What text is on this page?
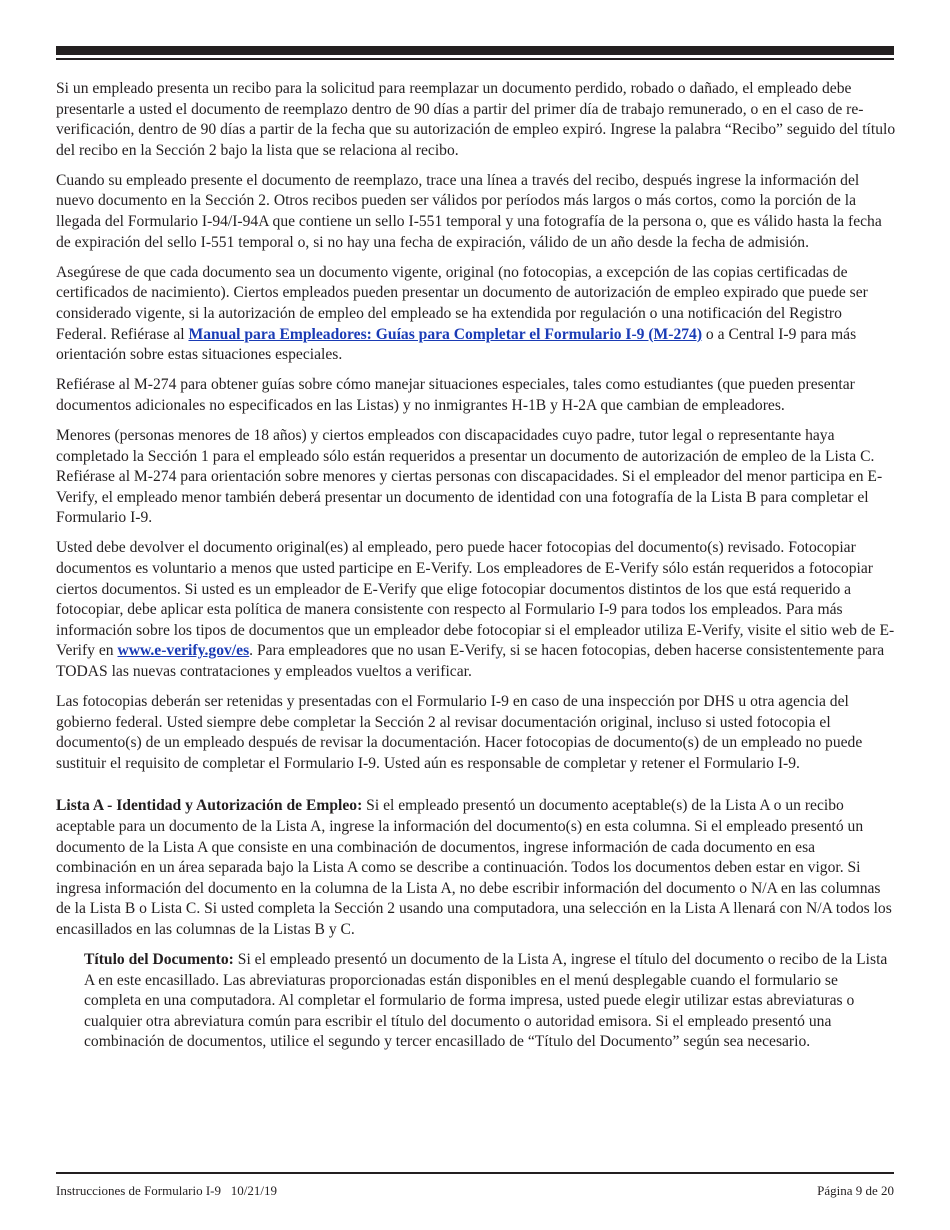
Si un empleado presenta un recibo para la solicitud para reemplazar un documento perdido, robado o dañado, el empleado debe presentarle a usted el documento de reemplazo dentro de 90 días a partir del primer día de trabajo remunerado, o en el caso de re-verificación, dentro de 90 días a partir de la fecha que su autorización de empleo expiró. Ingrese la palabra “Recibo” seguido del título del recibo en la Sección 2 bajo la lista que se relaciona al recibo.

Cuando su empleado presente el documento de reemplazo, trace una línea a través del recibo, después ingrese la información del nuevo documento en la Sección 2. Otros recibos pueden ser válidos por períodos más largos o más cortos, como la porción de la llegada del Formulario I-94/I-94A que contiene un sello I-551 temporal y una fotografía de la persona o, que es válido hasta la fecha de expiración del sello I-551 temporal o, si no hay una fecha de expiración, válido de un año desde la fecha de admisión.

Asegúrese de que cada documento sea un documento vigente, original (no fotocopias, a excepción de las copias certificadas de certificados de nacimiento). Ciertos empleados pueden presentar un documento de autorización de empleo expirado que puede ser considerado vigente, si la autorización de empleo del empleado se ha extendida por regulación o una notificación del Registro Federal. Refiérase al Manual para Empleadores: Guías para Completar el Formulario I-9 (M-274) o a Central I-9 para más orientación sobre estas situaciones especiales.

Refiérase al M-274 para obtener guías sobre cómo manejar situaciones especiales, tales como estudiantes (que pueden presentar documentos adicionales no especificados en las Listas) y no inmigrantes H-1B y H-2A que cambian de empleadores.

Menores (personas menores de 18 años) y ciertos empleados con discapacidades cuyo padre, tutor legal o representante haya completado la Sección 1 para el empleado sólo están requeridos a presentar un documento de autorización de empleo de la Lista C. Refiérase al M-274 para orientación sobre menores y ciertas personas con discapacidades. Si el empleador del menor participa en E-Verify, el empleado menor también deberá presentar un documento de identidad con una fotografía de la Lista B para completar el Formulario I-9.

Usted debe devolver el documento original(es) al empleado, pero puede hacer fotocopias del documento(s) revisado. Fotocopiar documentos es voluntario a menos que usted participe en E-Verify. Los empleadores de E-Verify sólo están requeridos a fotocopiar ciertos documentos. Si usted es un empleador de E-Verify que elige fotocopiar documentos distintos de los que está requerido a fotocopiar, debe aplicar esta política de manera consistente con respecto al Formulario I-9 para todos los empleados. Para más información sobre los tipos de documentos que un empleador debe fotocopiar si el empleador utiliza E-Verify, visite el sitio web de E-Verify en www.e-verify.gov/es. Para empleadores que no usan E-Verify, si se hacen fotocopias, deben hacerse consistentemente para TODAS las nuevas contrataciones y empleados vueltos a verificar.

Las fotocopias deberán ser retenidas y presentadas con el Formulario I-9 en caso de una inspección por DHS u otra agencia del gobierno federal. Usted siempre debe completar la Sección 2 al revisar documentación original, incluso si usted fotocopia el documento(s) de un empleado después de revisar la documentación. Hacer fotocopias de documento(s) de un empleado no puede sustituir el requisito de completar el Formulario I-9. Usted aún es responsable de completar y retener el Formulario I-9.

Lista A - Identidad y Autorización de Empleo: Si el empleado presentó un documento aceptable(s) de la Lista A o un recibo aceptable para un documento de la Lista A, ingrese la información del documento(s) en esta columna. Si el empleado presentó un documento de la Lista A que consiste en una combinación de documentos, ingrese información de cada documento en esa combinación en un área separada bajo la Lista A como se describe a continuación. Todos los documentos deben estar en vigor. Si ingresa información del documento en la columna de la Lista A, no debe escribir información del documento o N/A en las columnas de la Lista B o Lista C. Si usted completa la Sección 2 usando una computadora, una selección en la Lista A llenará con N/A todos los encasillados en las columnas de la Listas B y C.

Título del Documento: Si el empleado presentó un documento de la Lista A, ingrese el título del documento o recibo de la Lista A en este encasillado. Las abreviaturas proporcionadas están disponibles en el menú desplegable cuando el formulario se completa en una computadora. Al completar el formulario de forma impresa, usted puede elegir utilizar estas abreviaturas o cualquier otra abreviatura común para escribir el título del documento o autoridad emisora. Si el empleado presentó una combinación de documentos, utilice el segundo y tercer encasillado de “Título del Documento” según sea necesario.

Instrucciones de Formulario I-9   10/21/19	Página 9 de 20
